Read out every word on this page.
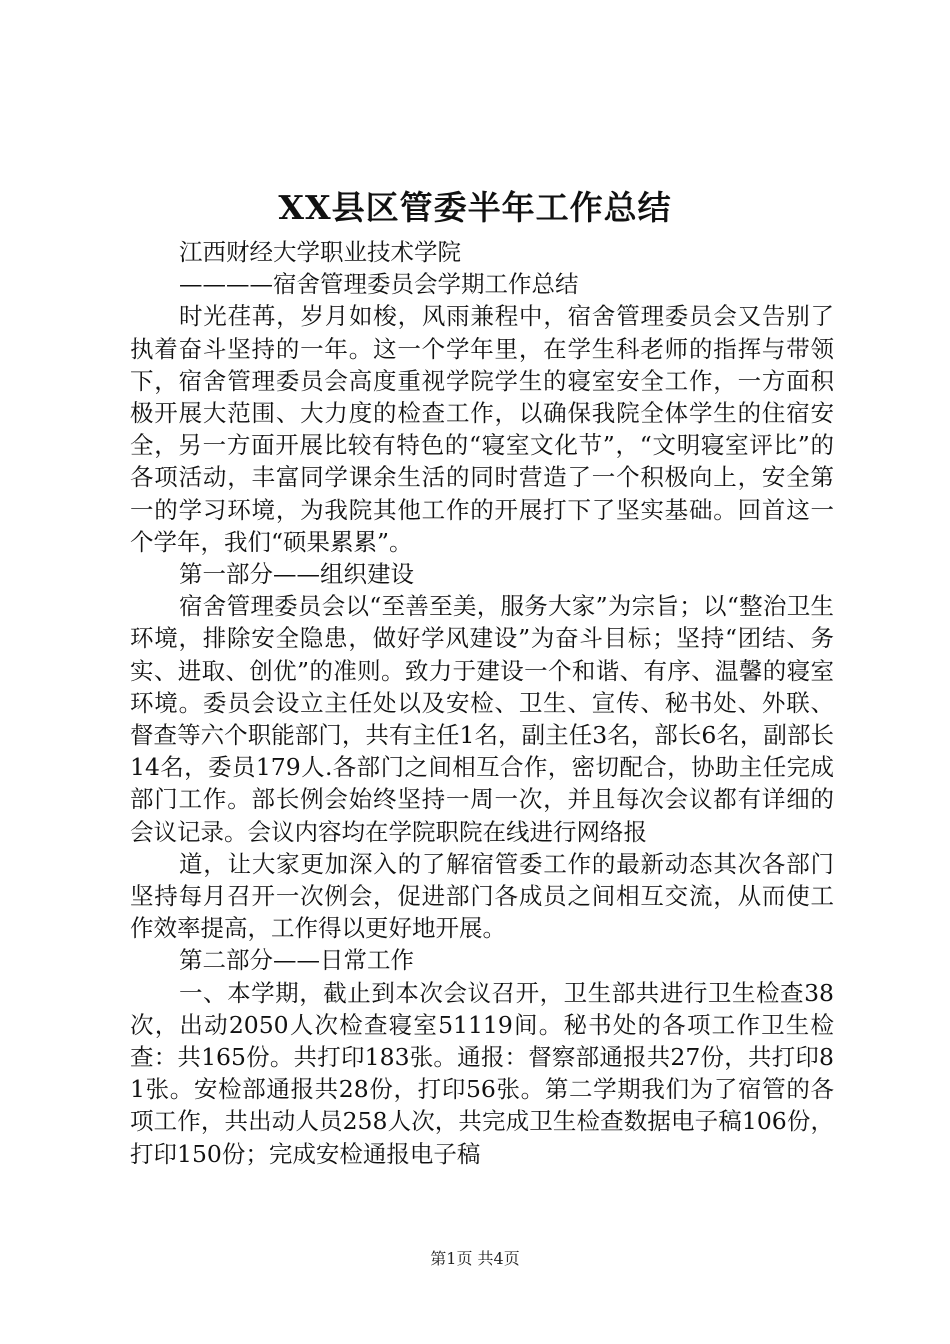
XX县区管委半年工作总结

江西财经大学职业技术学院

————宿舍管理委员会学期工作总结

时光荏苒，岁月如梭，风雨兼程中，宿舍管理委员会又告别了执着奋斗坚持的一年。这一个学年里，在学生科老师的指挥与带领下，宿舍管理委员会高度重视学院学生的寝室安全工作，一方面积极开展大范围、大力度的检查工作，以确保我院全体学生的住宿安全，另一方面开展比较有特色的“寝室文化节”，“文明寝室评比”的各项活动，丰富同学课余生活的同时营造了一个积极向上，安全第一的学习环境，为我院其他工作的开展打下了坚实基础。回首这一个学年，我们“硕果累累”。

第一部分——组织建设

宿舍管理委员会以“至善至美，服务大家”为宗旨；以“整治卫生环境，排除安全隐患，做好学风建设”为奋斗目标；坚持“团结、务实、进取、创优”的准则。致力于建设一个和谐、有序、温馨的寝室环境。委员会设立主任处以及安检、卫生、宣传、秘书处、外联、督查等六个职能部门，共有主任1名，副主任3名，部长6名，副部长14名，委员179人.各部门之间相互合作，密切配合，协助主任完成部门工作。部长例会始终坚持一周一次，并且每次会议都有详细的会议记录。会议内容均在学院职院在线进行网络报

道，让大家更加深入的了解宿管委工作的最新动态其次各部门坚持每月召开一次例会，促进部门各成员之间相互交流，从而使工作效率提高，工作得以更好地开展。

第二部分——日常工作

一、本学期，截止到本次会议召开，卫生部共进行卫生检查38次，出动2050人次检查寝室51119间。秘书处的各项工作卫生检查：共165份。共打印183张。通报：督察部通报共27份，共打印81张。安检部通报共28份，打印56张。第二学期我们为了宿管的各项工作，共出动人员258人次，共完成卫生检查数据电子稿106份，打印150份；完成安检通报电子稿

第1页 共4页
